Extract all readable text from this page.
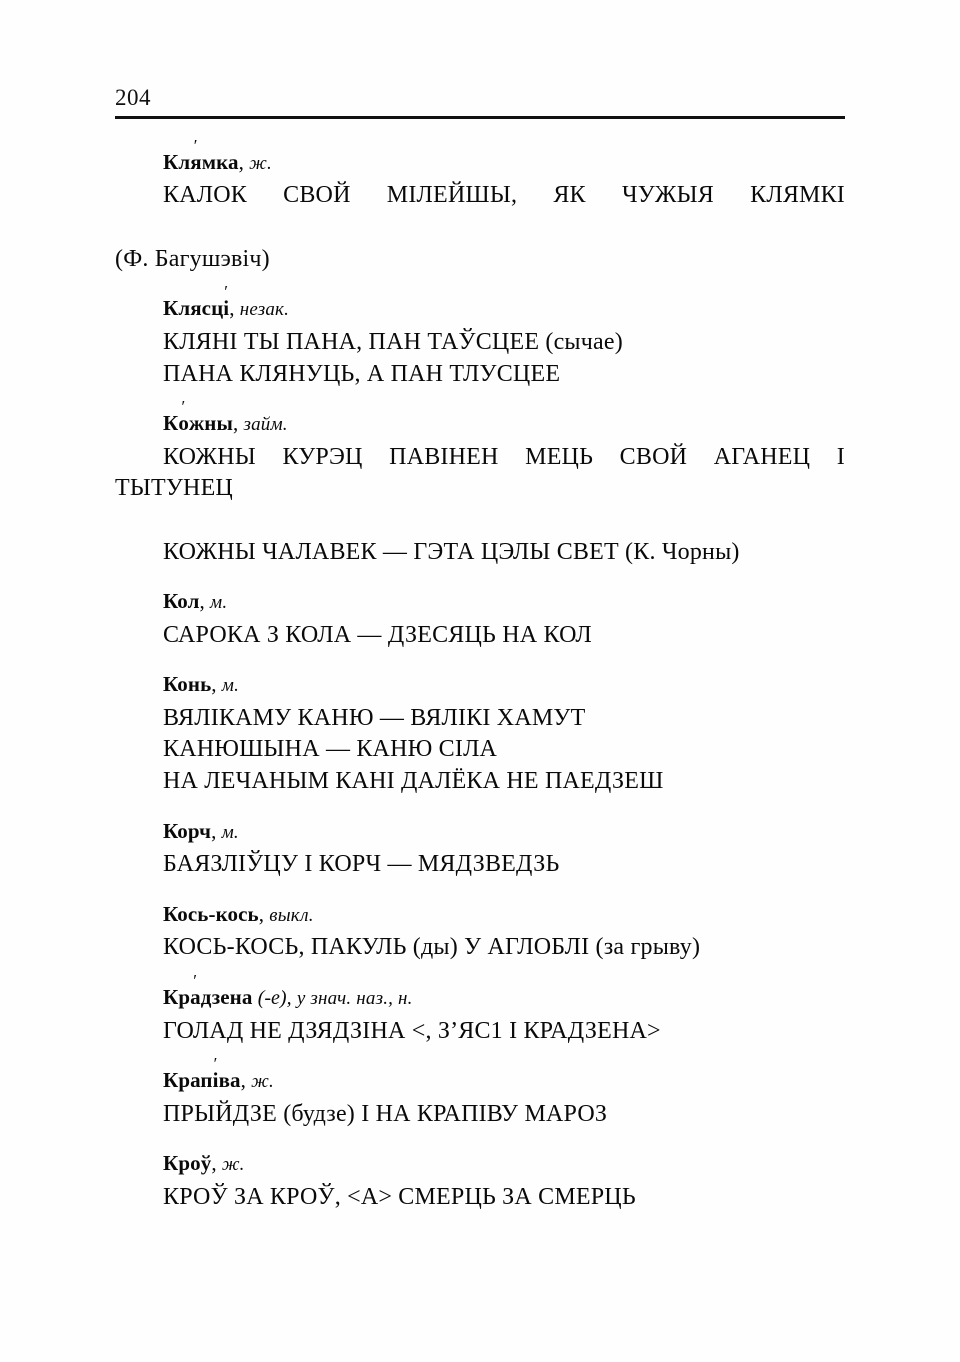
204
Кля ′мка, ж.
КАЛОК СВОЙ МІЛЕЙШЫ, ЯК ЧУЖЫЯ КЛЯМКІ
(Ф. Багушэвіч)
Клясці ′, незак.
КЛЯНІ ТЫ ПАНА, ПАН ТАЎСЦЕЕ (сычае)
ПАНА КЛЯНУЦЬ, А ПАН ТЛУСЦЕЕ
Ко ′жны, займ.
КОЖНЫ КУРЭЦ ПАВІНЕН МЕЦЬ СВОЙ АГАНЕЦ І ТЫТУНЕЦ
КОЖНЫ ЧАЛАВЕК — ГЭТА ЦЭЛЫ СВЕТ (К. Чорны)
Кол, м.
САРОКА З КОЛА — ДЗЕСЯЦЬ НА КОЛ
Конь, м.
ВЯЛІКАМУ КАНЮ — ВЯЛІКІ ХАМУТ
КАНЮШЫНА — КАНЮ СІЛА
НА ЛЕЧАНЫМ КАНІ ДАЛЁКА НЕ ПАЕДЗЕШ
Корч, м.
БАЯЗЛІЎЦУ І КОРЧ — МЯДЗВЕДЗЬ
Кось-кось, выкл.
КОСЬ-КОСЬ, ПАКУЛЬ (ды) У АГЛОБЛІ (за грыву)
Кра ′дзена (-е), у знач. наз., н.
ГОЛАД НЕ ДЗЯДЗІНА <, З’ЯС1 І КРАДЗЕНА>
Крапі ′ва, ж.
ПРЫЙДЗЕ (будзе) І НА КРАПІВУ МАРОЗ
Кроў, ж.
КРОЎ ЗА КРОЎ, <А> СМЕРЦЬ ЗА СМЕРЦЬ
